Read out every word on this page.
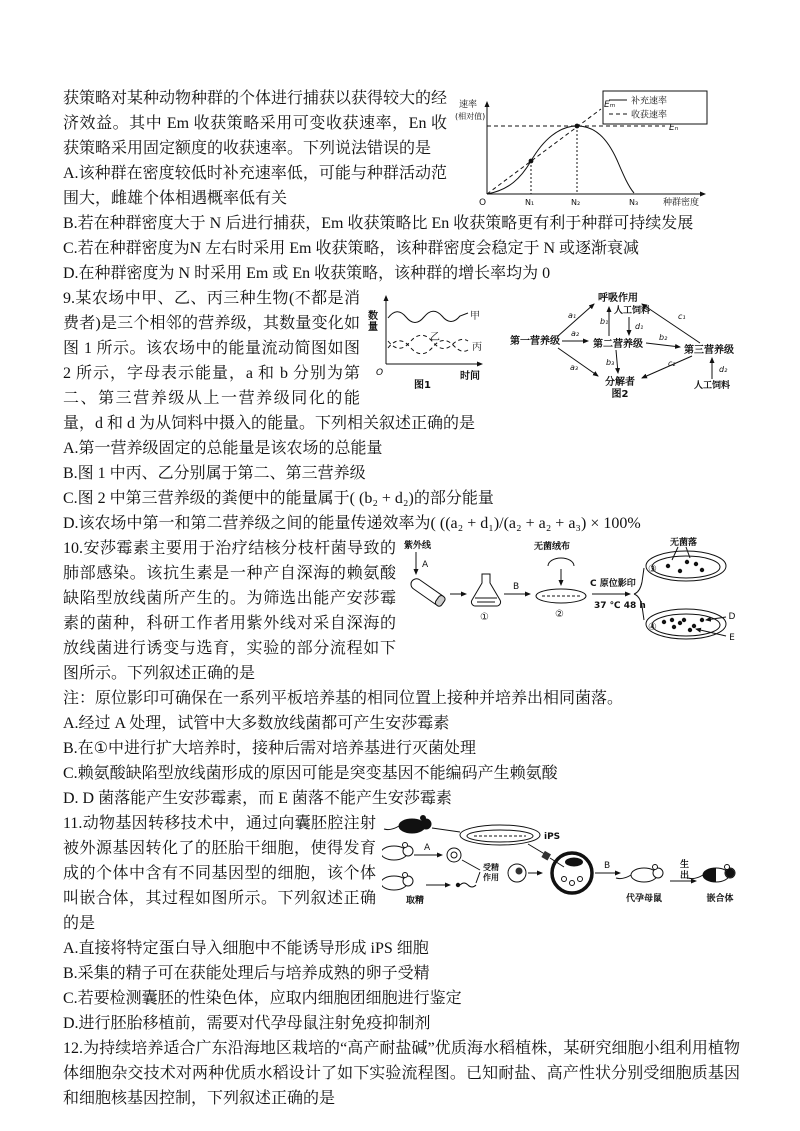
速率
(相对值)
补充速率
收获速率
Eₘ
Eₙ
O	N₁	N₂	N₃	种群密度

获策略对某种动物种群的个体进行捕获以获得较大的经济效益。其中 Em 收获策略采用可变收获速率，En 收获策略采用固定额度的收获速率。下列说法错误的是

A.该种群在密度较低时补充速率低，可能与种群活动范围大，雌雄个体相遇概率低有关

B.若在种群密度大于 N 后进行捕获，Em 收获策略比 En 收获策略更有利于种群可持续发展

C.若在种群密度为N 左右时采用 Em 收获策略，该种群密度会稳定于 N 或逐渐衰减

D.在种群密度为 N 时采用 Em 或 En 收获策略，该种群的增长率均为 0

数量
O	时间
甲
乙
丙
图1
第一营养级
呼吸作用
人工饲料
第二营养级
第三营养级
分解者	人工饲料
a₁
a₂
a₃
b₁
d₁
b₂
b₃
c₁
c₂
d₂
图2

9.某农场中甲、乙、丙三种生物(不都是消费者)是三个相邻的营养级，其数量变化如图 1 所示。该农场中的能量流动简图如图 2 所示，字母表示能量，a 和 b 分别为第二、第三营养级从上一营养级同化的能量，d 和 d 为从饲料中摄入的能量。下列相关叙述正确的是

A.第一营养级固定的总能量是该农场的总能量

B.图 1 中丙、乙分别属于第二、第三营养级

C.图 2 中第三营养级的粪便中的能量属于( (b₂ + d₂)的部分能量

D.该农场中第一和第二营养级之间的能量传递效率为( ((a₂ + d₁)/(a₂ + a₂ + a₃) × 100%

紫外线
A
①
B
无菌绒布
②
C 原位影印
37 ℃ 48 h
③
无菌落
④
D
E

10.安莎霉素主要用于治疗结核分枝杆菌导致的肺部感染。该抗生素是一种产自深海的赖氨酸缺陷型放线菌所产生的。为筛选出能产安莎霉素的菌种，科研工作者用紫外线对采自深海的放线菌进行诱变与选育，实验的部分流程如下图所示。下列叙述正确的是

注：原位影印可确保在一系列平板培养基的相同位置上接种并培养出相同菌落。

A.经过 A 处理，试管中大多数放线菌都可产生安莎霉素

B.在①中进行扩大培养时，接种后需对培养基进行灭菌处理

C.赖氨酸缺陷型放线菌形成的原因可能是突变基因不能编码产生赖氨酸

D. D 菌落能产生安莎霉素，而 E 菌落不能产生安莎霉素

iPS
A
取精
受精
作用
B
代孕母鼠
生
出
嵌合体

11.动物基因转移技术中，通过向囊胚腔注射被外源基因转化了的胚胎干细胞，使得发育成的个体中含有不同基因型的细胞，该个体叫嵌合体，其过程如图所示。下列叙述正确的是

A.直接将特定蛋白导入细胞中不能诱导形成 iPS 细胞

B.采集的精子可在获能处理后与培养成熟的卵子受精

C.若要检测囊胚的性染色体，应取内细胞团细胞进行鉴定

D.进行胚胎移植前，需要对代孕母鼠注射免疫抑制剂

12.为持续培养适合广东沿海地区栽培的“高产耐盐碱”优质海水稻植株，某研究细胞小组利用植物体细胞杂交技术对两种优质水稻设计了如下实验流程图。已知耐盐、高产性状分别受细胞质基因和细胞核基因控制，下列叙述正确的是
